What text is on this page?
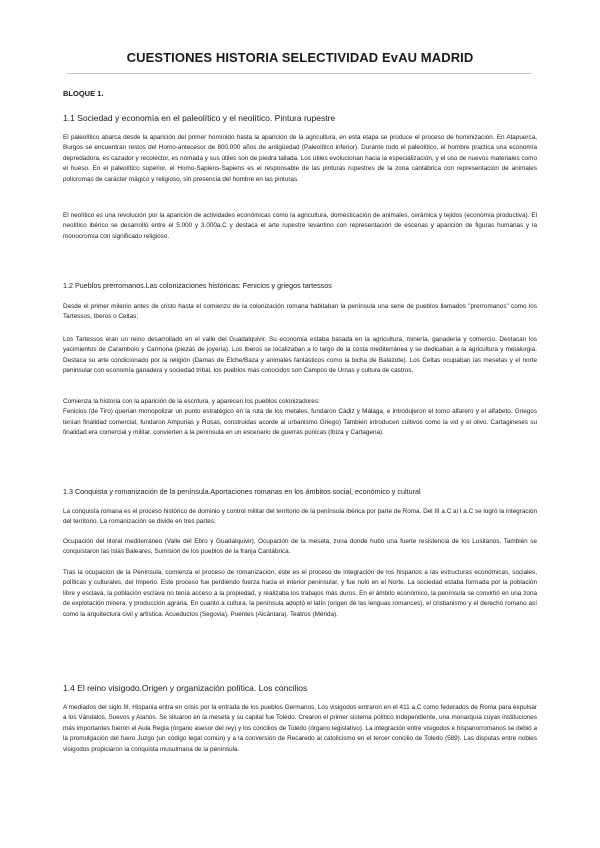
CUESTIONES HISTORIA SELECTIVIDAD EvAU MADRID
BLOQUE 1.
1.1 Sociedad y economía en el paleolítico y el neolítico. Pintura rupestre

El paleolítico abarca desde la aparición del primer homínido hasta la aparición de la agricultura, en esta etapa se produce el proceso de hominización. En Atapuerca, Burgos se encuentran restos del Homo-antecesor de 800.000 años de antigüedad (Paleolítico inferior). Durante todo el paleolítico, el hombre practica una economía depredadora, es cazador y recolector, es nómada y sus útiles son de piedra tallada. Los útiles evolucionan hacia la especialización, y el uso de nuevos materiales como el hueso. En el paleolítico superior, el Homo-Sapiens-Sapiens es el responsable de las pinturas rupestres de la zona cantábrica con representación de animales policromas de carácter mágico y religioso, sin presencia del hombre en las pinturas.

El neolítico es una revolución por la aparición de actividades económicas como la agricultura, domesticación de animales, cerámica y tejidos (economía productiva). El neolítico ibérico se desarrolló entre el 5.000 y 3.000a.C y destaca el arte rupestre levantino con representación de escenas y aparición de figuras humanas y la monocromía con significado religioso.

1.2 Pueblos prerromanos.Las colonizaciones históricas: Fenicios y griegos tartessos

Desde el primer milenio antes de cristo hasta el comienzo de la colonización romana habitaban la península una serie de pueblos llamados "prerromanos" como los Tartessos, Iberos o Celtas;

Los Tartessos eran un reino desarrollado en el valle del Guadalquivir. Su economía estaba basada en la agricultura, minería, ganadería y comercio. Destacan los yacimientos de Carambolo y Carmona (piezas de joyería). Los Iberos se localizaban a lo largo de la costa mediterránea y se dedicaban a la agricultura y metalurgia. Destaca su arte condicionado por la religión (Damas de Elche/Baza y animales fantásticos como la bicha de Balazote). Los Celtas ocupaban las mesetas y el norte peninsular con economía ganadera y sociedad tribal, los pueblos más conocidos son Campos de Urnas y cultura de castros.

Comienza la historia con la aparición de la escritura, y aparecen los pueblos colonizadores:
Fenicios (de Tiro) querían monopolizar un punto estratégico en la ruta de los metales, fundaron Cádiz y Málaga, e introdujeron el torno alfarero y el alfabeto. Griegos tenían finalidad comercial, fundaron Ampurias y Rosas, construidas acorde al urbanismo Griego) También introducen cultivos como la vid y el olivo. Cartagineses su finalidad era comercial y militar, convierten a la península en un escenario de guerras púnicas (Ibiza y Cartagena).

1.3 Conquista y romanización de la península.Aportaciones romanas en los ámbitos social, económico y cultural

La conquista romana es el proceso histórico de dominio y control militar del territorio de la península ibérica por parte de Roma. Del III a.C al I a.C se logró la integración del territorio. La romanización se divide en tres partes;

Ocupación del litoral mediterráneo (Valle del Ebro y Guadalquivir), Ocupación de la meseta, zona donde hubo una fuerte resistencia de los Lusitanos. También se conquistaron las Islas Baleares, Sumisión de los pueblos de la franja Cantábrica.

Tras la ocupación de la Península, comienza el proceso de romanización, este es el proceso de integración de los hispanos a las estructuras económicas, sociales, políticas y culturales, del Imperio. Este proceso fue perdiendo fuerza hacia el interior peninsular, y fue nulo en el Norte. La sociedad estaba formada por la población libre y esclava, la población esclava no tenía acceso a la propiedad, y realizaba los trabajos más duros. En el ámbito económico, la península se convirtió en una zona de explotación minera, y producción agraria. En cuanto a cultura, la península adoptó el latín (origen de las lenguas romances), el cristianismo y el derecho romano así como la arquitectura civil y artística: Acueductos (Segovia), Puentes (Alcántara). Teatros (Mérida).

1.4 El reino visigodo.Origen y organización política. Los concilios

A mediados del siglo III, Hispania entra en crisis por la entrada de los pueblos Germanos, Los visigodos entraron en el 411 a.C como federados de Roma para expulsar a los Vándalos, Suevos y Alanos. Se situaron en la meseta y su capital fue Toledo. Crearon el primer sistema político independiente, una monarquía cuyas instituciones más importantes fueron el Aula Regia (órgano asesor del rey) y los concilios de Toledo (órgano legislativo). La integración entre visigodos e hispanorromanos se debió a la promulgación del fuero Juzgo (un código legal común) y a la conversión de Recaredo al catolicismo en el tercer concilio de Toledo (589). Las disputas entre nobles visigodos propiciaron la conquista musulmana de la península.
